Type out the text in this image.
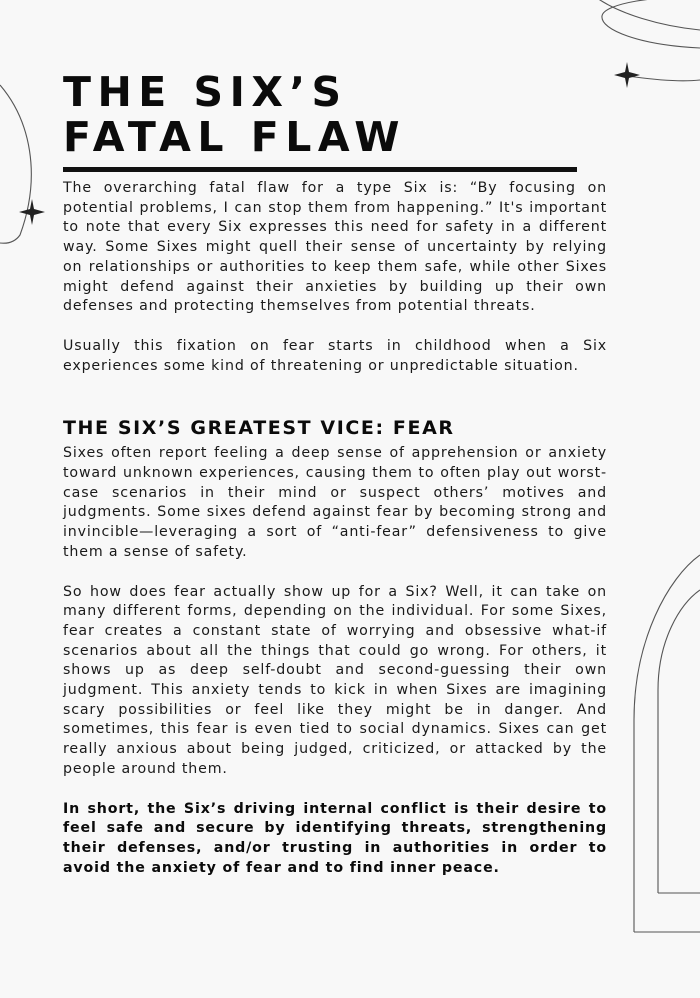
THE SIX’S
FATAL FLAW

The overarching fatal flaw for a type Six is: “By focusing on potential problems, I can stop them from happening.” It's important to note that every Six expresses this need for safety in a different way. Some Sixes might quell their sense of uncertainty by relying on relationships or authorities to keep them safe, while other Sixes might defend against their anxieties by building up their own defenses and protecting themselves from potential threats.

Usually this fixation on fear starts in childhood when a Six experiences some kind of threatening or unpredictable situation.

THE SIX’S GREATEST VICE: FEAR

Sixes often report feeling a deep sense of apprehension or anxiety toward unknown experiences, causing them to often play out worst-case scenarios in their mind or suspect others’ motives and judgments. Some sixes defend against fear by becoming strong and invincible—leveraging a sort of “anti-fear” defensiveness to give them a sense of safety.

So how does fear actually show up for a Six? Well, it can take on many different forms, depending on the individual. For some Sixes, fear creates a constant state of worrying and obsessive what-if scenarios about all the things that could go wrong. For others, it shows up as deep self-doubt and second-guessing their own judgment. This anxiety tends to kick in when Sixes are imagining scary possibilities or feel like they might be in danger. And sometimes, this fear is even tied to social dynamics. Sixes can get really anxious about being judged, criticized, or attacked by the people around them.

In short, the Six’s driving internal conflict is their desire to feel safe and secure by identifying threats, strengthening their defenses, and/or trusting in authorities in order to avoid the anxiety of fear and to find inner peace.
